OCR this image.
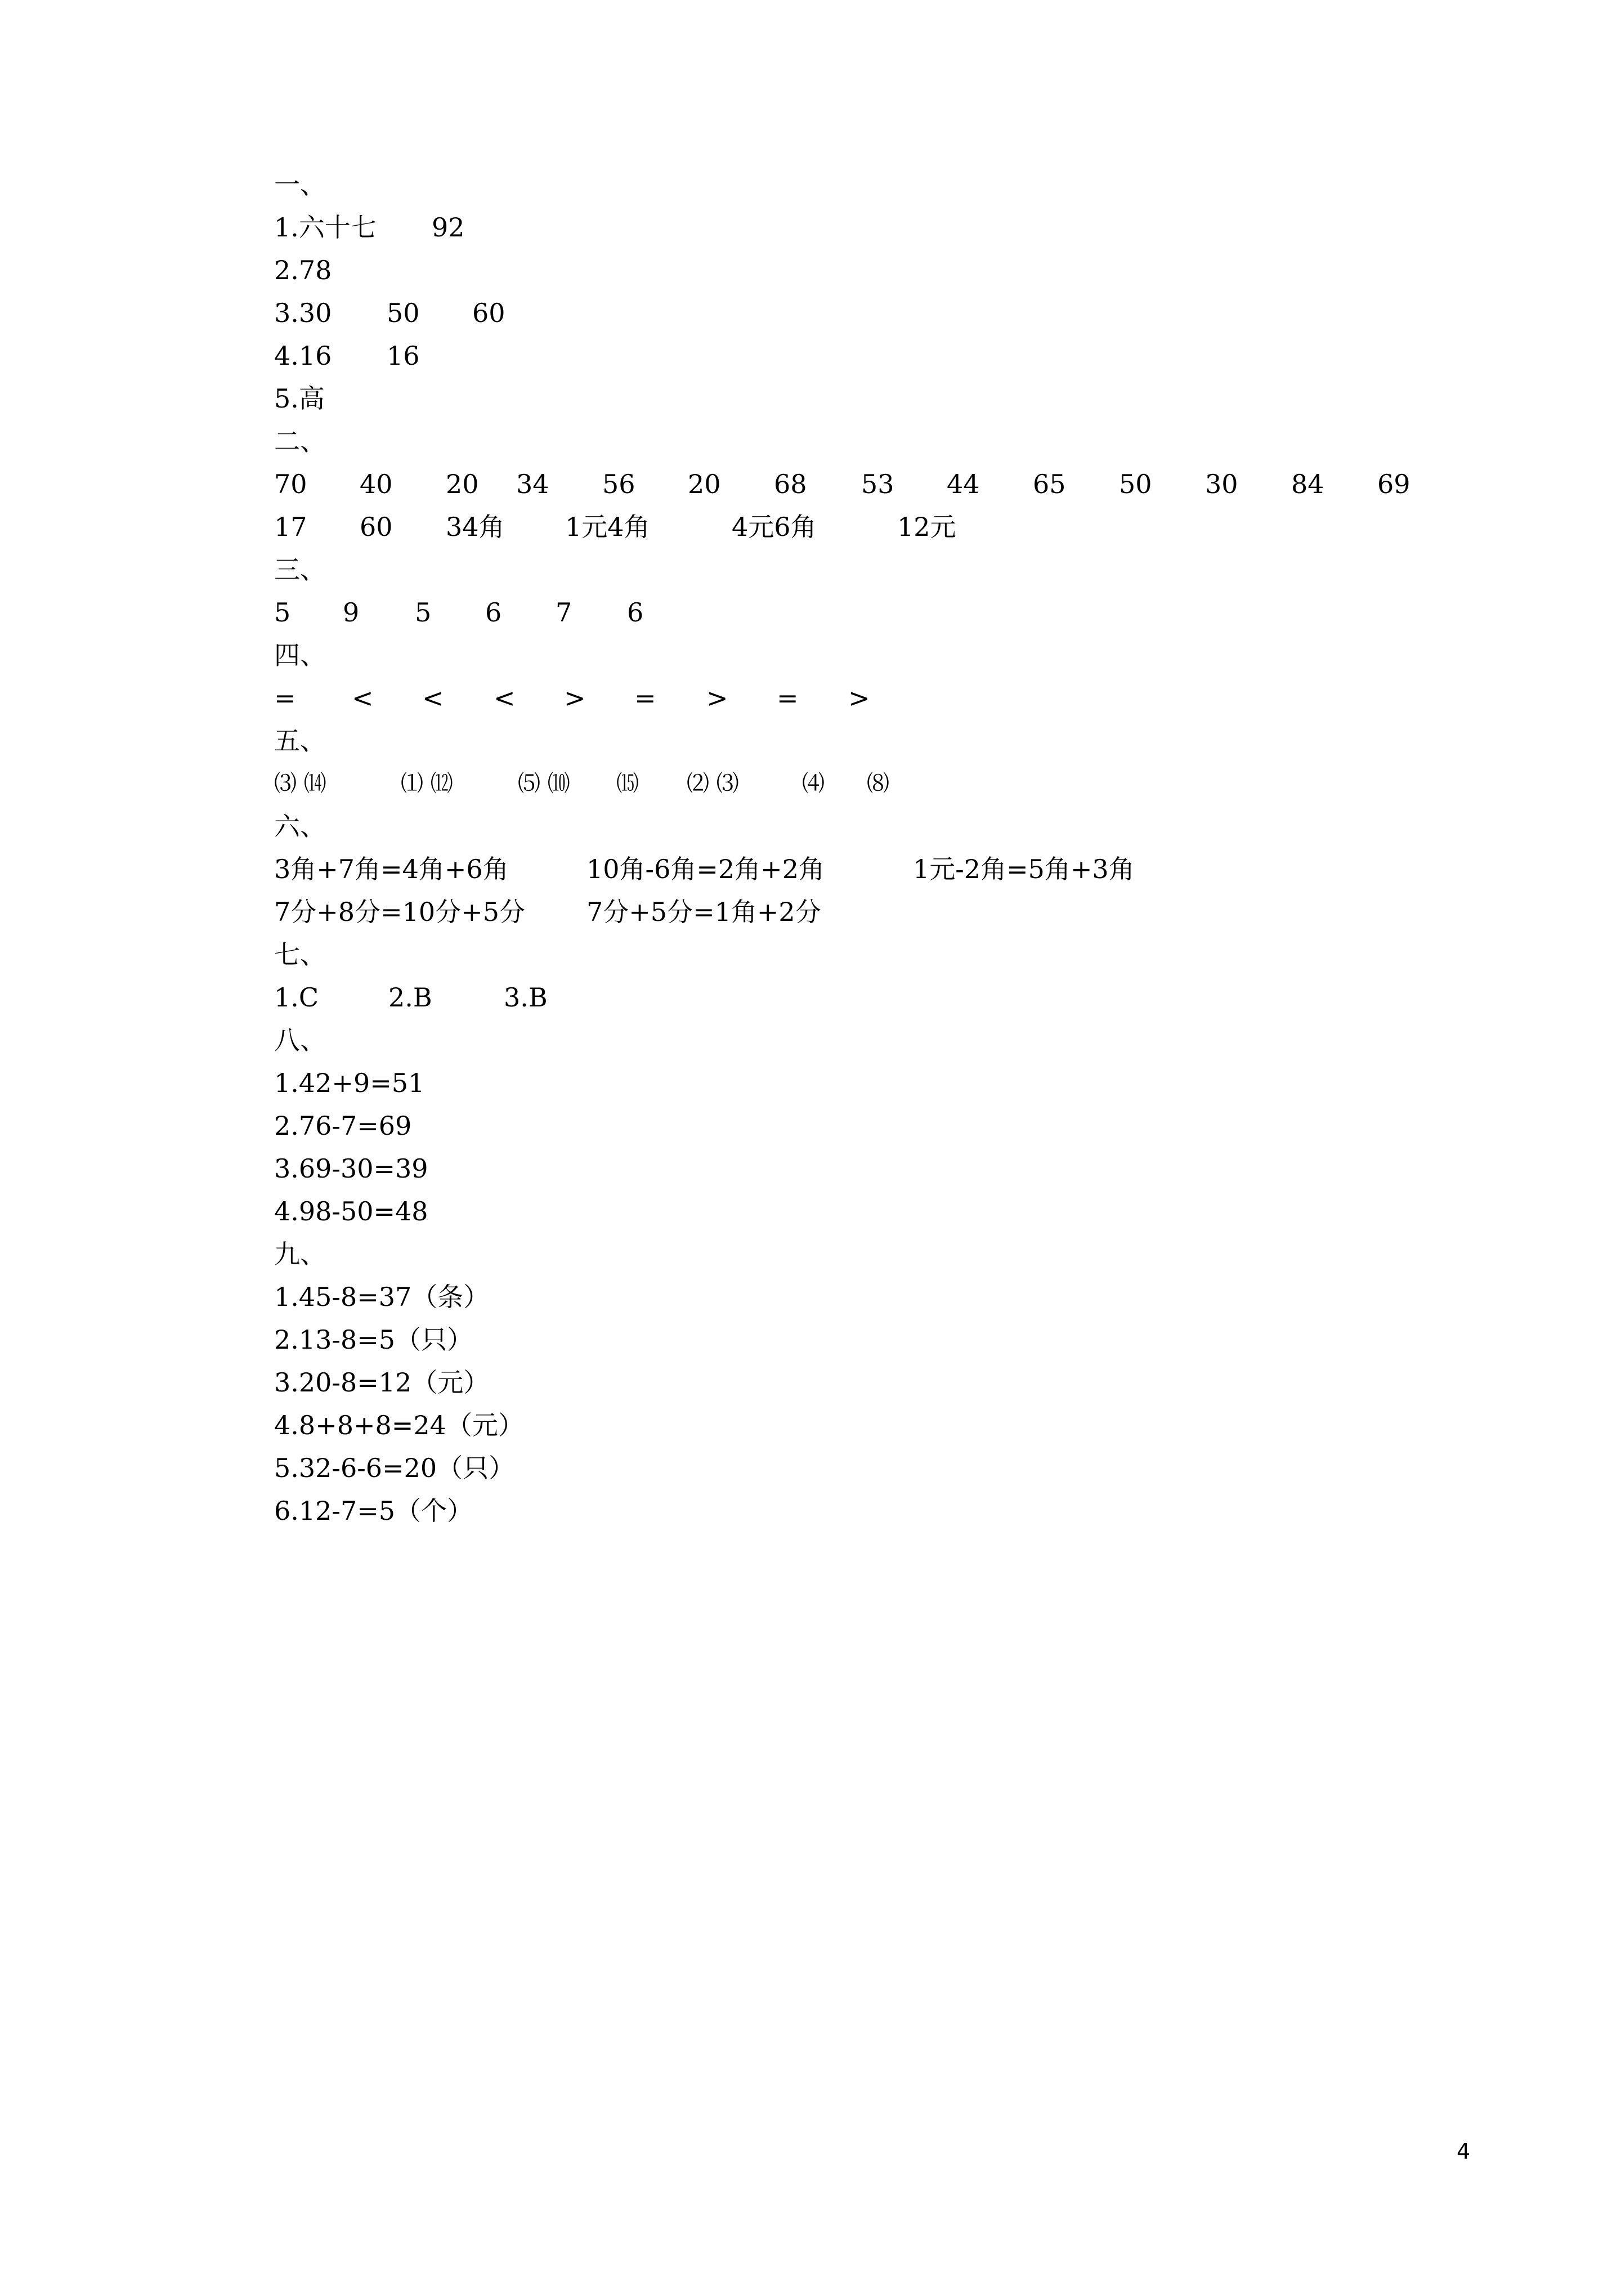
一、
1.六十七 92
2.78
3.30 50 60
4.16 16
5.高
二、
70 40 20 34 56 20 68 53 44 65 50 30 84 69
17 60 34角 1元4角	4元6角	12元
三、
5 9 5 6 7 6
四、
= < < < > = > = >
五、
⑶ ⒁	⑴ ⑿	⑸ ⑽ ⒂ ⑵ ⑶	⑷ ⑻
六、
3角+7角=4角+6角	10角-6角=2角+2角	1元-2角=5角+3角
7分+8分=10分+5分 7分+5分=1角+2分
七、
1.C	2.B	3.B
八、
1.42+9=51
2.76-7=69
3.69-30=39
4.98-50=48
九、
1.45-8=37（条）
2.13-8=5（只）
3.20-8=12（元）
4.8+8+8=24（元）
5.32-6-6=20（只）
6.12-7=5（个）
4
